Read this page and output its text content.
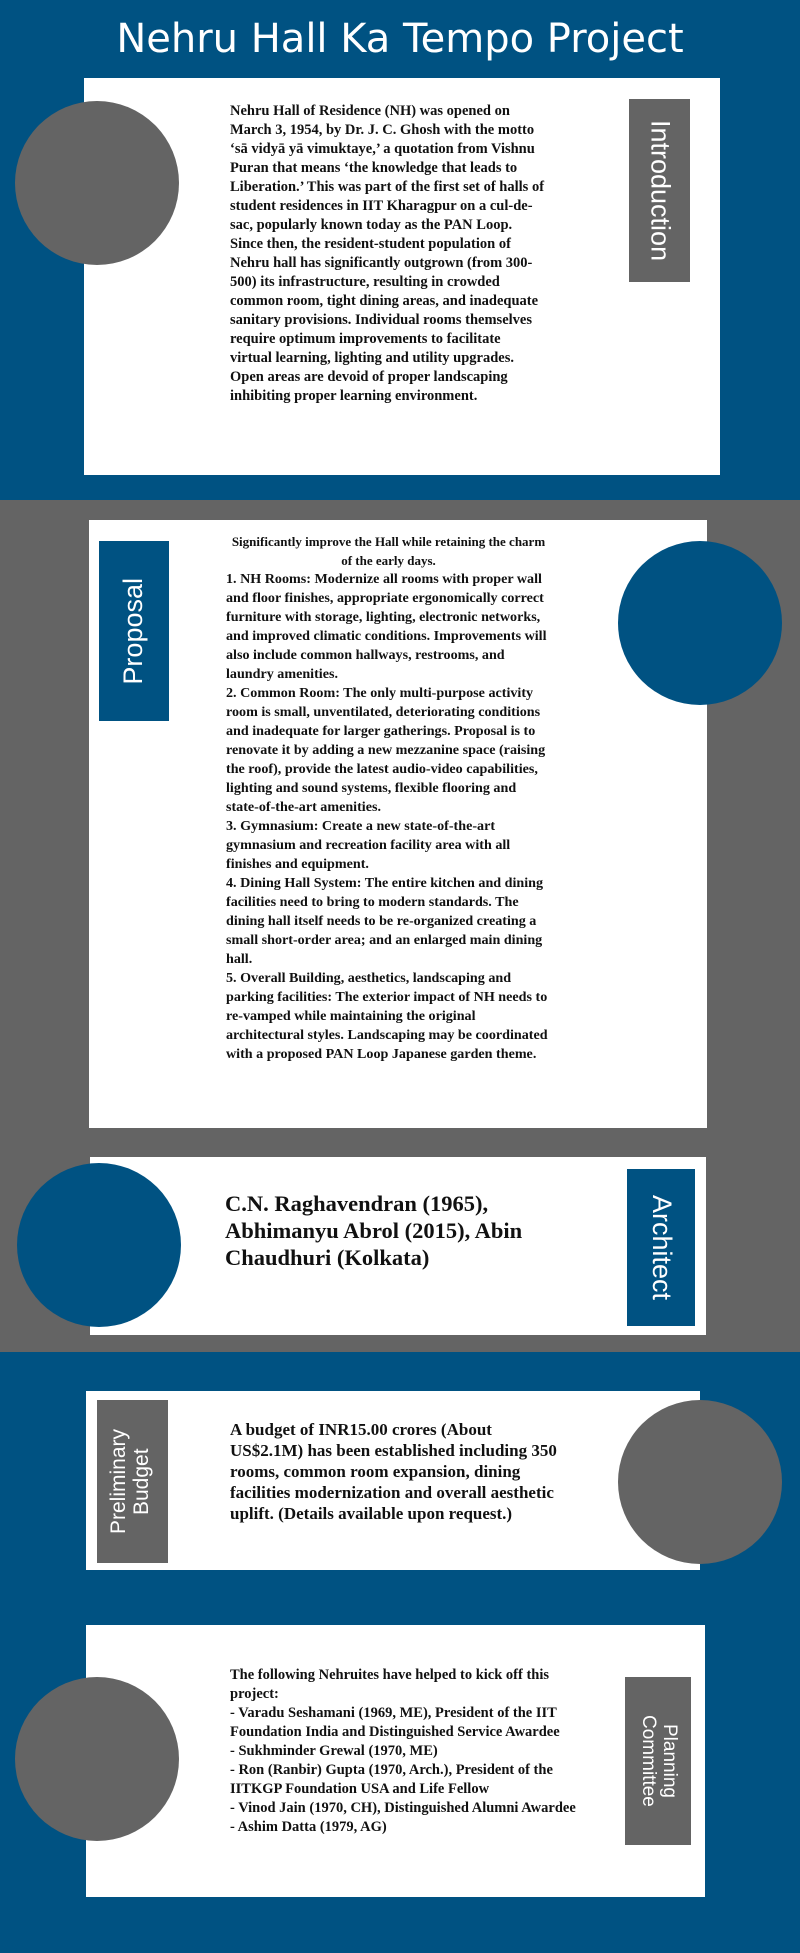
Nehru Hall Ka Tempo Project
Introduction
Nehru Hall of Residence (NH) was opened on March 3, 1954, by Dr. J. C. Ghosh with the motto ‘sā vidyā yā vimuktaye,’ a quotation from Vishnu Puran that means ‘the knowledge that leads to Liberation.’ This was part of the first set of halls of student residences in IIT Kharagpur on a cul-de-sac, popularly known today as the PAN Loop. Since then, the resident-student population of Nehru hall has significantly outgrown (from 300-500) its infrastructure, resulting in crowded common room, tight dining areas, and inadequate sanitary provisions. Individual rooms themselves require optimum improvements to facilitate virtual learning, lighting and utility upgrades. Open areas are devoid of proper landscaping inhibiting proper learning environment.
Proposal

Significantly improve the Hall while retaining the charm of the early days.

1. NH Rooms: Modernize all rooms with proper wall and floor finishes, appropriate ergonomically correct furniture with storage, lighting, electronic networks, and improved climatic conditions. Improvements will also include common hallways, restrooms, and laundry amenities.
2. Common Room: The only multi-purpose activity room is small, unventilated, deteriorating conditions and inadequate for larger gatherings. Proposal is to renovate it by adding a new mezzanine space (raising the roof), provide the latest audio-video capabilities, lighting and sound systems, flexible flooring and state-of-the-art amenities.
3. Gymnasium: Create a new state-of-the-art gymnasium and recreation facility area with all finishes and equipment.
4. Dining Hall System: The entire kitchen and dining facilities need to bring to modern standards. The dining hall itself needs to be re-organized creating a small short-order area; and an enlarged main dining hall.
5. Overall Building, aesthetics, landscaping and parking facilities: The exterior impact of NH needs to re-vamped while maintaining the original architectural styles. Landscaping may be coordinated with a proposed PAN Loop Japanese garden theme.
Architect
C.N. Raghavendran (1965), Abhimanyu Abrol (2015), Abin Chaudhuri (Kolkata)
Preliminary Budget
A budget of INR15.00 crores (About US$2.1M) has been established including 350 rooms, common room expansion, dining facilities modernization and overall aesthetic uplift. (Details available upon request.)
Planning Committee

The following Nehruites have helped to kick off this project:

- Varadu Seshamani (1969, ME), President of the IIT Foundation India and Distinguished Service Awardee

- Sukhminder Grewal (1970, ME)

- Ron (Ranbir) Gupta (1970, Arch.), President of the IITKGP Foundation USA and Life Fellow

- Vinod Jain (1970, CH), Distinguished Alumni Awardee

- Ashim Datta (1979, AG)
